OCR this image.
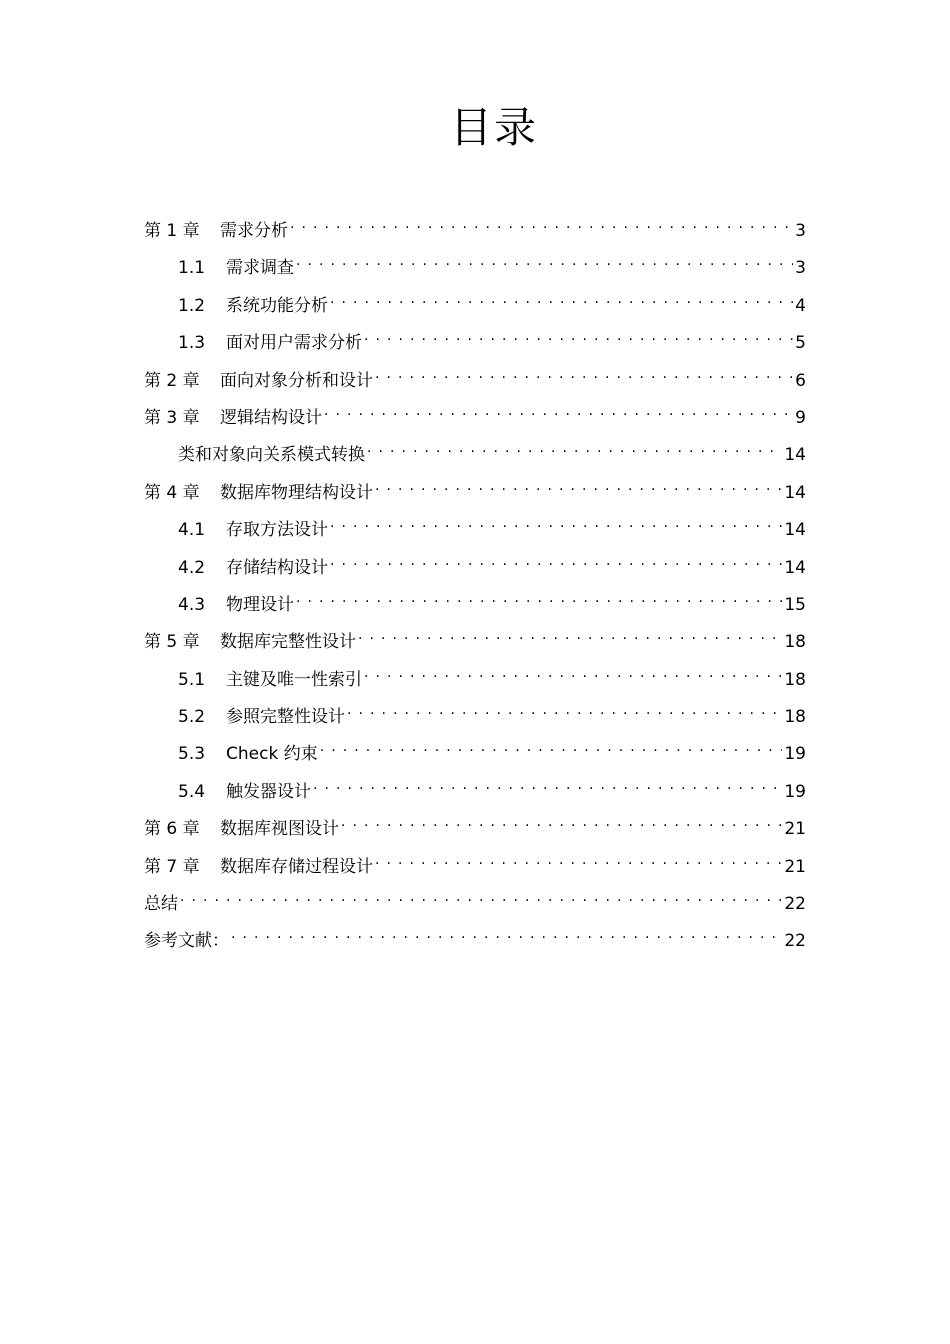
目录
第 1 章	需求分析 . . .	3
1.1	需求调查 . . .	3
1.2	系统功能分析 . . .	4
1.3	面对用户需求分析 . . .	5
第 2 章	面向对象分析和设计 . . .	6
第 3 章	逻辑结构设计 . . .	9
类和对象向关系模式转换 . . .	14
第 4 章	数据库物理结构设计 . . .	14
4.1	存取方法设计 . . .	14
4.2	存储结构设计 . . .	14
4.3	物理设计 . . .	15
第 5 章	数据库完整性设计 . . .	18
5.1	主键及唯一性索引 . . .	18
5.2	参照完整性设计 . . .	18
5.3	Check 约束 . . .	19
5.4	触发器设计 . . .	19
第 6 章	数据库视图设计 . . .	21
第 7 章	数据库存储过程设计 . . .	21
总结 . . .	22
参考文献： . . .	22
